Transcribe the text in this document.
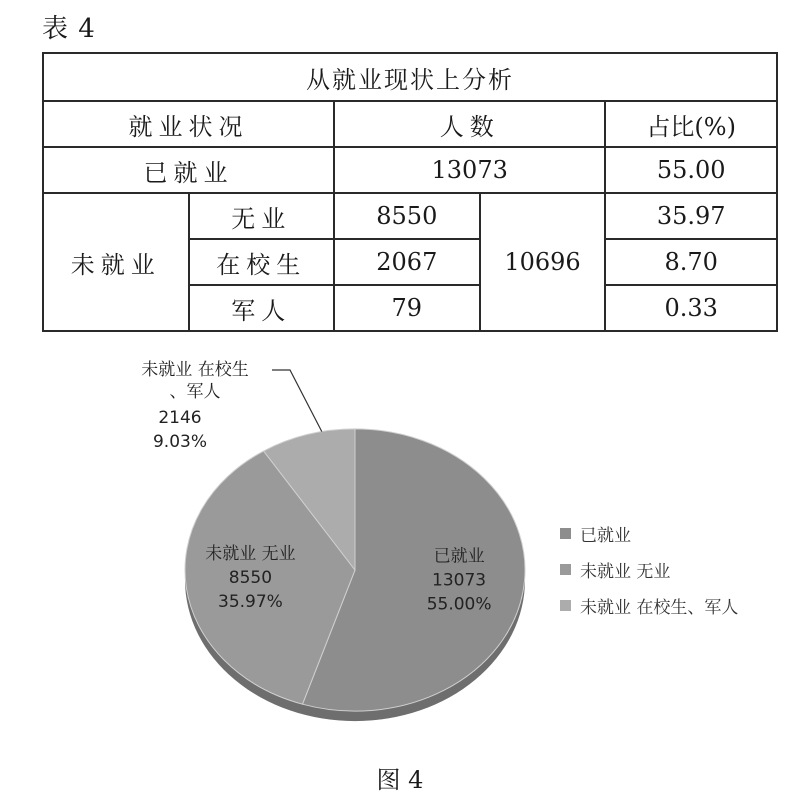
表 4
从就业现状上分析				
就业状况		人数		占比(%)
已就业		13073		55.00
未就业	无业	8550	10696	35.97
	在校生	2067		8.70
	军人	79		0.33
已就业
13073
55.00%
未就业 无业
8550
35.97%
未就业 在校生
、军人
2146
9.03%
已就业
未就业 无业
未就业 在校生、军人
图 4
